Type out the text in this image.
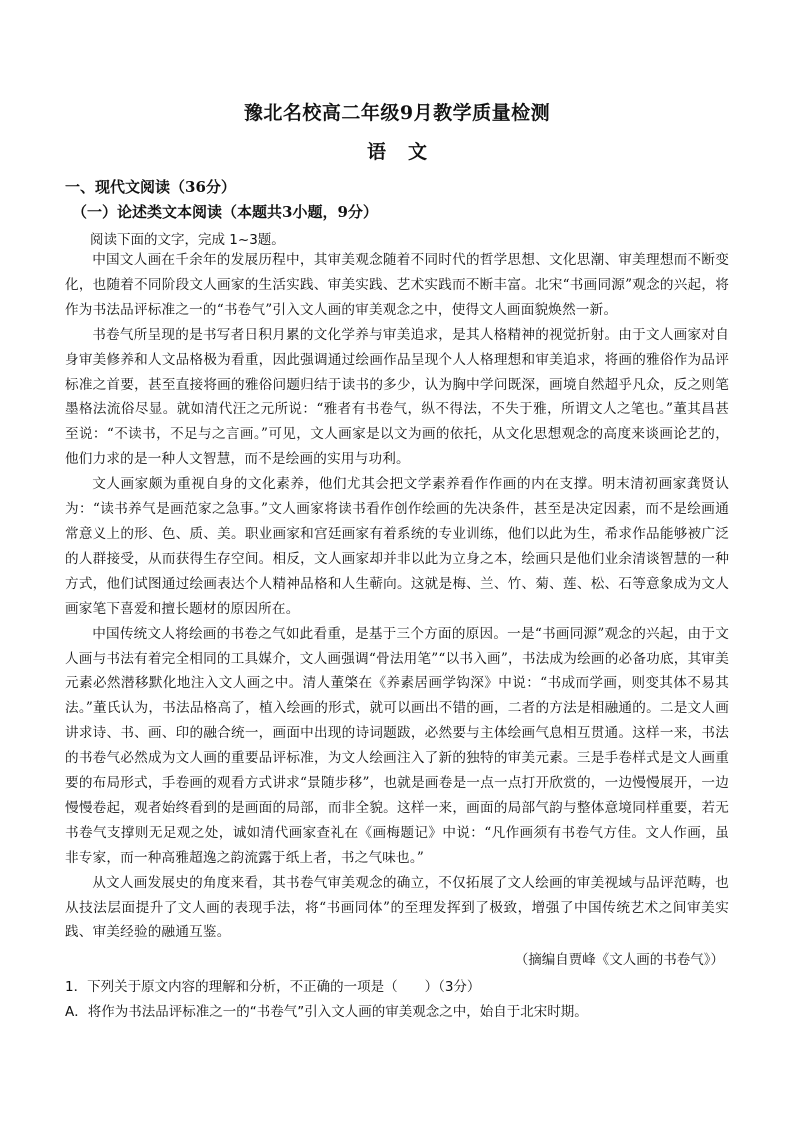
豫北名校高二年级9月教学质量检测
语文
一、现代文阅读（36分）
（一）论述类文本阅读（本题共3小题，9分）
阅读下面的文字，完成 1~3题。

中国文人画在千余年的发展历程中，其审美观念随着不同时代的哲学思想、文化思潮、审美理想而不断变化，也随着不同阶段文人画家的生活实践、审美实践、艺术实践而不断丰富。北宋“书画同源”观念的兴起，将作为书法品评标准之一的“书卷气”引入文人画的审美观念之中，使得文人画面貌焕然一新。

书卷气所呈现的是书写者日积月累的文化学养与审美追求，是其人格精神的视觉折射。由于文人画家对自身审美修养和人文品格极为看重，因此强调通过绘画作品呈现个人人格理想和审美追求，将画的雅俗作为品评标准之首要，甚至直接将画的雅俗问题归结于读书的多少，认为胸中学问既深，画境自然超乎凡众，反之则笔墨格法流俗尽显。就如清代汪之元所说：“雅者有书卷气，纵不得法，不失于雅，所谓文人之笔也。”董其昌甚至说：“不读书，不足与之言画。”可见，文人画家是以文为画的依托，从文化思想观念的高度来谈画论艺的，他们力求的是一种人文智慧，而不是绘画的实用与功利。

文人画家颇为重视自身的文化素养，他们尤其会把文学素养看作作画的内在支撑。明末清初画家龚贤认为：“读书养气是画范家之急事。”文人画家将读书看作创作绘画的先决条件，甚至是决定因素，而不是绘画通常意义上的形、色、质、美。职业画家和宫廷画家有着系统的专业训练，他们以此为生，希求作品能够被广泛的人群接受，从而获得生存空间。相反，文人画家却并非以此为立身之本，绘画只是他们业余清谈智慧的一种方式，他们试图通过绘画表达个人精神品格和人生蕲向。这就是梅、兰、竹、菊、莲、松、石等意象成为文人画家笔下喜爱和擅长题材的原因所在。

中国传统文人将绘画的书卷之气如此看重，是基于三个方面的原因。一是“书画同源”观念的兴起，由于文人画与书法有着完全相同的工具媒介，文人画强调“骨法用笔”“以书入画”，书法成为绘画的必备功底，其审美元素必然潜移默化地注入文人画之中。清人董棨在《养素居画学钩深》中说：“书成而学画，则变其体不易其法。”董氏认为，书法品格高了，植入绘画的形式，就可以画出不错的画，二者的方法是相融通的。二是文人画讲求诗、书、画、印的融合统一，画面中出现的诗词题跋，必然要与主体绘画气息相互贯通。这样一来，书法的书卷气必然成为文人画的重要品评标准，为文人绘画注入了新的独特的审美元素。三是手卷样式是文人画重要的布局形式，手卷画的观看方式讲求“景随步移”，也就是画卷是一点一点打开欣赏的，一边慢慢展开，一边慢慢卷起，观者始终看到的是画面的局部，而非全貌。这样一来，画面的局部气韵与整体意境同样重要，若无书卷气支撑则无足观之处，诚如清代画家查礼在《画梅题记》中说：“凡作画须有书卷气方佳。文人作画，虽非专家，而一种高雅超逸之韵流露于纸上者，书之气味也。”

从文人画发展史的角度来看，其书卷气审美观念的确立，不仅拓展了文人绘画的审美视域与品评范畴，也从技法层面提升了文人画的表现手法，将“书画同体”的至理发挥到了极致，增强了中国传统艺术之间审美实践、审美经验的融通互鉴。

（摘编自贾峰《文人画的书卷气》）
1．下列关于原文内容的理解和分析，不正确的一项是（　　）（3分）
A．将作为书法品评标准之一的“书卷气”引入文人画的审美观念之中，始自于北宋时期。
